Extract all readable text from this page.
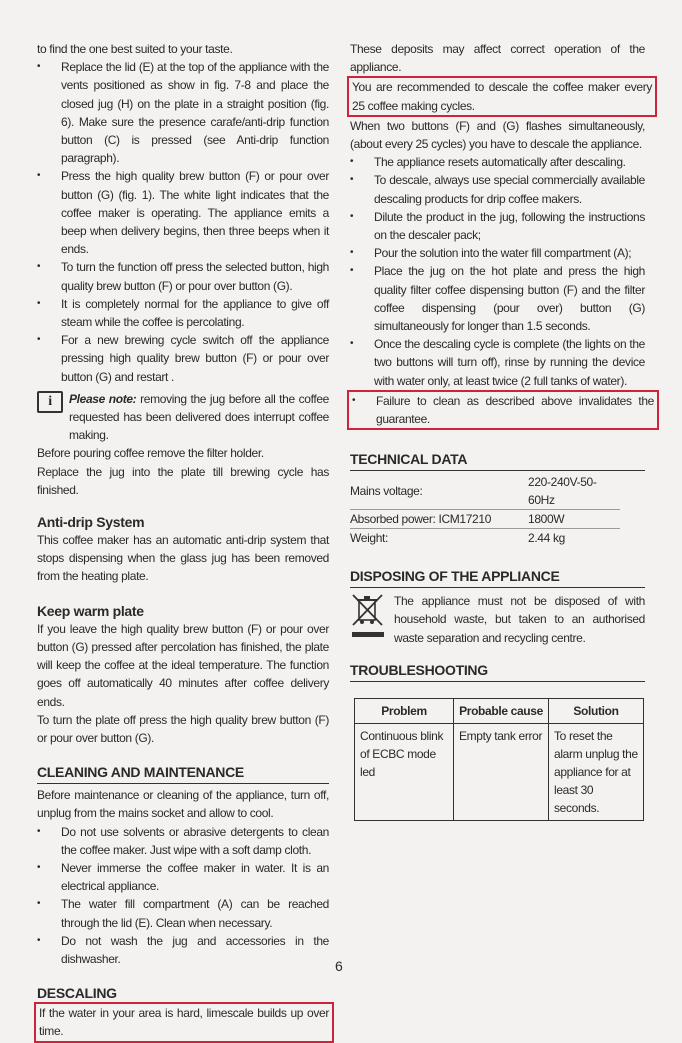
to find the one best suited to your taste.

• Replace the lid (E) at the top of the appliance with the vents positioned as show in fig. 7-8 and place the closed jug (H) on the plate in a straight position (fig. 6). Make sure the presence carafe/anti-drip function button (C) is pressed (see Anti-drip function paragraph).
• Press the high quality brew button (F) or pour over button (G) (fig. 1). The white light indicates that the coffee maker is operating. The appliance emits a beep when delivery begins, then three beeps when it ends.
• To turn the function off press the selected button, high quality brew button (F) or pour over button (G).
• It is completely normal for the appliance to give off steam while the coffee is percolating.
• For a new brewing cycle switch off the appliance pressing high quality brew button (F) or pour over button (G) and restart .
i	Please note: removing the jug before all the coffee requested has been delivered does interrupt coffee making.

Before pouring coffee remove the filter holder.

Replace the jug into the plate till brewing cycle has finished.

Anti-drip System

This coffee maker has an automatic anti-drip system that stops dispensing when the glass jug has been removed from the heating plate.

Keep warm plate

If you leave the high quality brew button (F) or pour over button (G) pressed after percolation has finished, the plate will keep the coffee at the ideal temperature. The function goes off automatically 40 minutes after coffee delivery ends.

To turn the plate off press the high quality brew button (F) or pour over button (G).

CLEANING AND MAINTENANCE

Before maintenance or cleaning of the appliance, turn off, unplug from the mains socket and allow to cool.

• Do not use solvents or abrasive detergents to clean the coffee maker. Just wipe with a soft damp cloth.
• Never immerse the coffee maker in water. It is an electrical appliance.
• The water fill compartment (A) can be reached through the lid (E). Clean when necessary.
• Do not wash the jug and accessories in the dishwasher.
DESCALING

If the water in your area is hard, limescale builds up over time.

These deposits may affect correct operation of the appliance.

You are recommended to descale the coffee maker every 25 coffee making cycles.

When two buttons (F) and (G) flashes simultaneously, (about every 25 cycles) you have to descale the appliance.

• The appliance resets automatically after descaling.
• To descale, always use special commercially available descaling products for drip coffee makers.
• Dilute the product in the jug, following the instructions on the descaler pack;
• Pour the solution into the water fill compartment (A);
• Place the jug on the hot plate and press the high quality filter coffee dispensing button (F) and the filter coffee dispensing (pour over) button (G) simultaneously for longer than 1.5 seconds.
• Once the descaling cycle is complete (the lights on the two buttons will turn off), rinse by running the device with water only, at least twice (2 full tanks of water).
• Failure to clean as described above invalidates the guarantee.
TECHNICAL DATA
Mains voltage:	220-240V-50-60Hz
Absorbed power: ICM17210	1800W
Weight:	2.44 kg
DISPOSING OF THE APPLIANCE

The appliance must not be disposed of with household waste, but taken to an authorised waste separation and recycling centre.

TROUBLESHOOTING
Problem	Probable cause	Solution
Continuous blink of ECBC mode led	Empty tank error	To reset the alarm unplug the appliance for at least 30 seconds.
6
